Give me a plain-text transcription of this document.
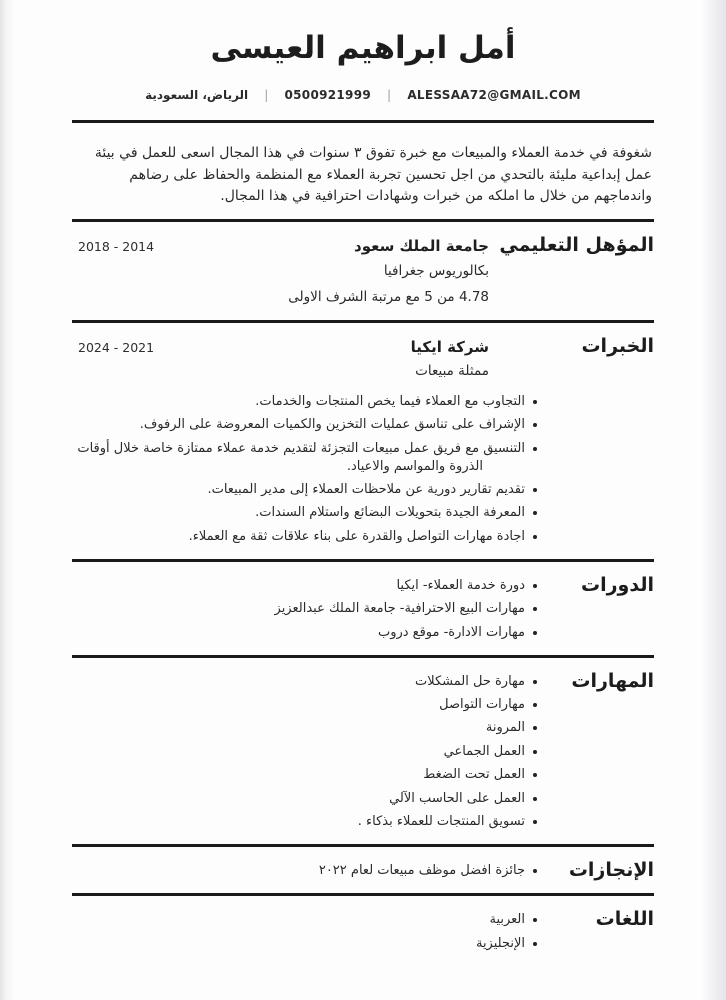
أمل ابراهيم العيسى
ALESSAA72@GMAIL.COM
|
0500921999
|
الرياض، السعودية
شغوفة في خدمة العملاء والمبيعات مع خبرة تفوق ٣ سنوات في هذا المجال اسعى للعمل في بيئة عمل إبداعية مليئة بالتحدي من اجل تحسين تجربة العملاء مع المنظمة والحفاظ على رضاهم واندماجهم من خلال ما املكه من خبرات وشهادات احترافية في هذا المجال.
المؤهل التعليمي
2014 - 2018	جامعة الملك سعود
بكالوريوس جغرافيا
4.78 من 5 مع مرتبة الشرف الاولى
الخبرات
2021 - 2024	شركة ايكيا
ممثلة مبيعات
التجاوب مع العملاء فيما يخص المنتجات والخدمات.
الإشراف على تناسق عمليات التخزين والكميات المعروضة على الرفوف.
التنسيق مع فريق عمل مبيعات التجزئة لتقديم خدمة عملاء ممتازة خاصة خلال أوقات الذروة والمواسم والاعياد.
تقديم تقارير دورية عن ملاحظات العملاء إلى مدير المبيعات.
المعرفة الجيدة بتحويلات البضائع واستلام السندات.
اجادة مهارات التواصل والقدرة على بناء علاقات ثقة مع العملاء.
الدورات
دورة خدمة العملاء- ايكيا
مهارات البيع الاحترافية- جامعة الملك عبدالعزيز
مهارات الادارة- موقع دروب
المهارات
مهارة حل المشكلات
مهارات التواصل
المرونة
العمل الجماعي
العمل تحت الضغط
العمل على الحاسب الآلي
تسويق المنتجات للعملاء بذكاء .
الإنجازات
جائزة افضل موظف مبيعات لعام ٢٠٢٢
اللغات
العربية
الإنجليزية
